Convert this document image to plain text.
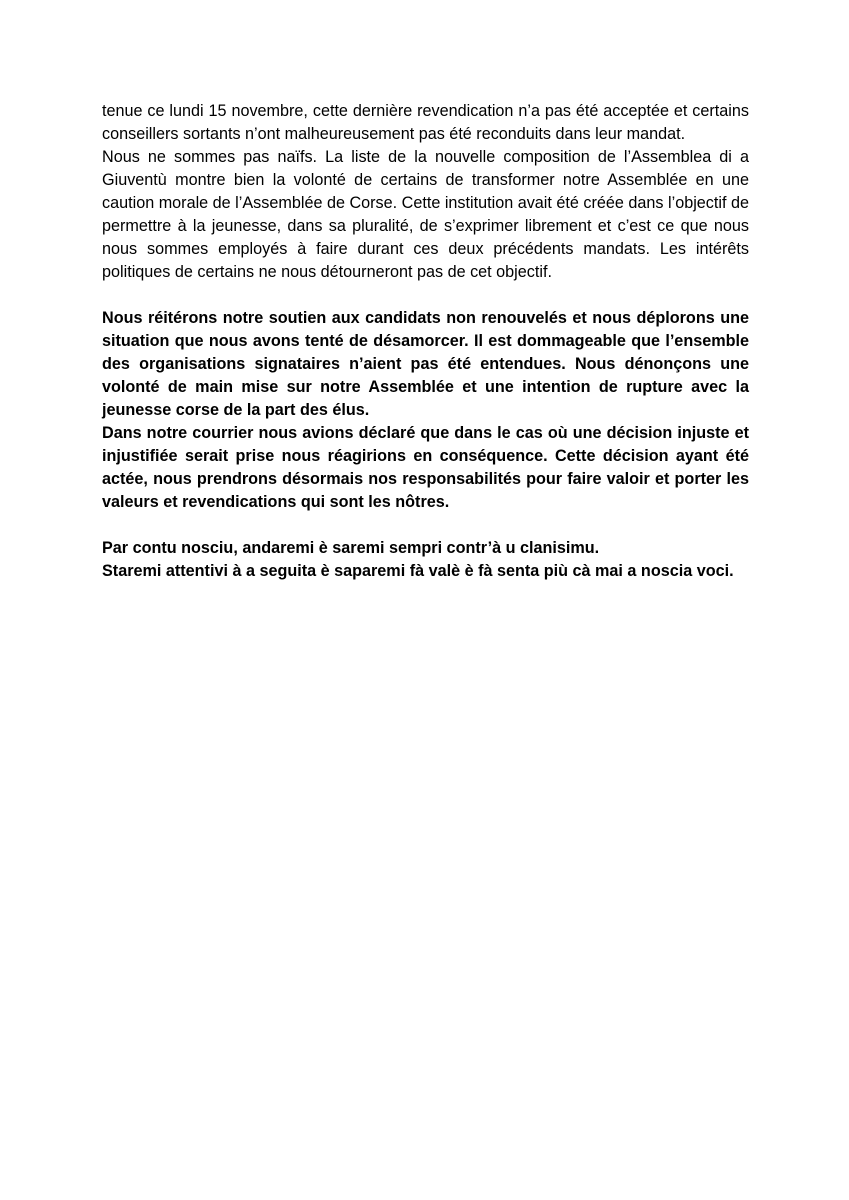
tenue ce lundi 15 novembre, cette dernière revendication n’a pas été acceptée et certains conseillers sortants n’ont malheureusement pas été reconduits dans leur mandat.

Nous ne sommes pas naïfs. La liste de la nouvelle composition de l’Assemblea di a Giuventù montre bien la volonté de certains de transformer notre Assemblée en une caution morale de l’Assemblée de Corse. Cette institution avait été créée dans l’objectif de permettre à la jeunesse, dans sa pluralité, de s’exprimer librement et c’est ce que nous nous sommes employés à faire durant ces deux précédents mandats. Les intérêts politiques de certains ne nous détourneront pas de cet objectif.

Nous réitérons notre soutien aux candidats non renouvelés et nous déplorons une situation que nous avons tenté de désamorcer. Il est dommageable que l’ensemble des organisations signataires n’aient pas été entendues. Nous dénonçons une volonté de main mise sur notre Assemblée et une intention de rupture avec la jeunesse corse de la part des élus.

Dans notre courrier nous avions déclaré que dans le cas où une décision injuste et injustifiée serait prise nous réagirions en conséquence. Cette décision ayant été actée, nous prendrons désormais nos responsabilités pour faire valoir et porter les valeurs et revendications qui sont les nôtres.

Par contu nosciu, andaremi è saremi sempri contr’à u clanisimu.

Staremi attentivi à a seguita è saparemi fà valè è fà senta più cà mai a noscia voci.
